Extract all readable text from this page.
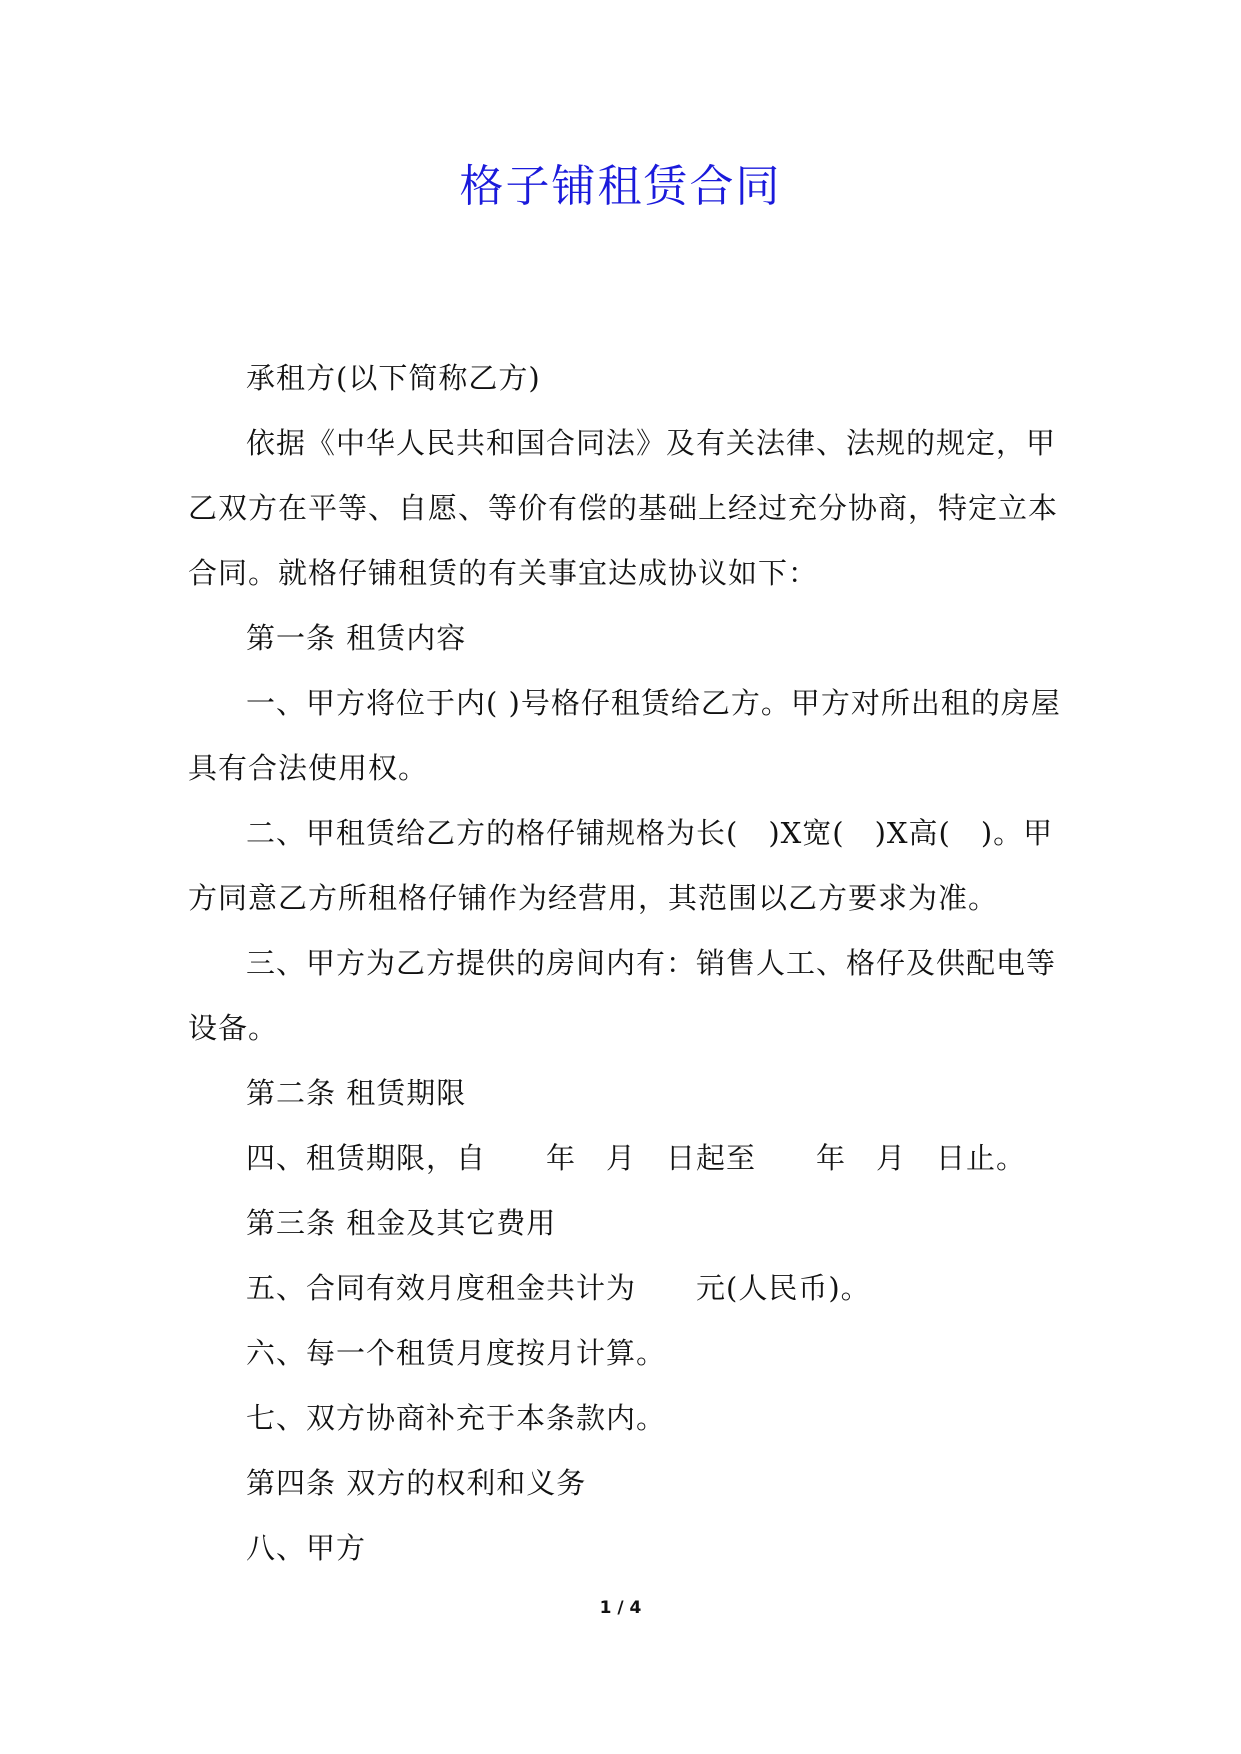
格子铺租赁合同

承租方(以下简称乙方)

依据《中华人民共和国合同法》及有关法律、法规的规定，甲乙双方在平等、自愿、等价有偿的基础上经过充分协商，特定立本合同。就格仔铺租赁的有关事宜达成协议如下：

第一条 租赁内容

一、甲方将位于内( )号格仔租赁给乙方。甲方对所出租的房屋具有合法使用权。

二、甲租赁给乙方的格仔铺规格为长(　)X宽(　)X高(　)。甲方同意乙方所租格仔铺作为经营用，其范围以乙方要求为准。

三、甲方为乙方提供的房间内有：销售人工、格仔及供配电等设备。

第二条 租赁期限

四、租赁期限，自　　年　月　日起至　　年　月　日止。

第三条 租金及其它费用

五、合同有效月度租金共计为　　元(人民币)。

六、每一个租赁月度按月计算。

七、双方协商补充于本条款内。

第四条 双方的权利和义务

八、甲方

1 / 4
